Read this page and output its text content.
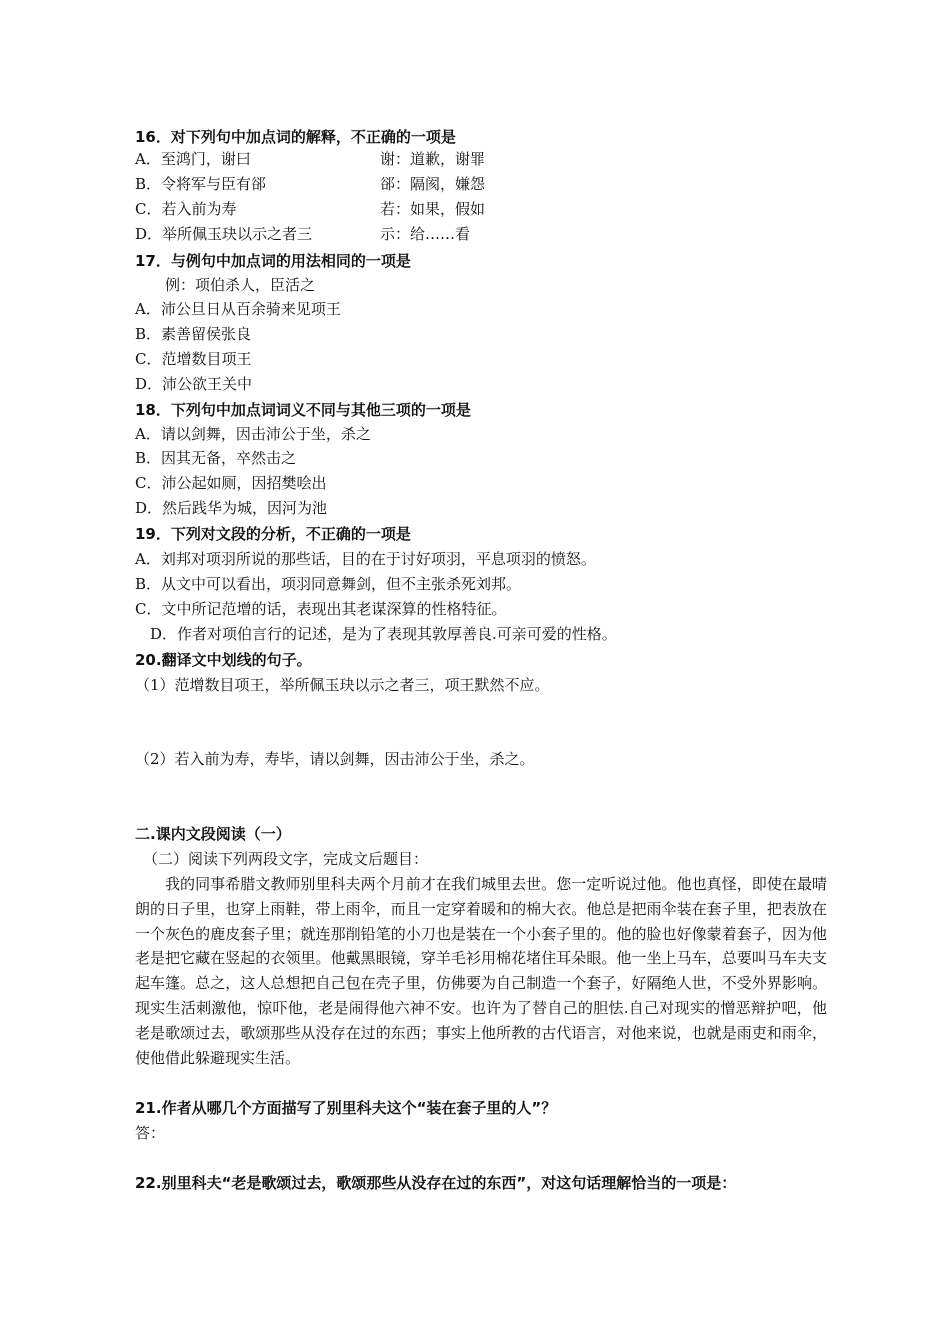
16．对下列句中加点词的解释，不正确的一项是
A．至鸿门，谢曰	谢：道歉，谢罪
B．令将军与臣有郤	郤：隔阂，嫌怨
C．若入前为寿	若：如果，假如
D．举所佩玉玦以示之者三	示：给……看
17．与例句中加点词的用法相同的一项是
例：项伯杀人，臣活之
A．沛公旦日从百余骑来见项王
B．素善留侯张良
C．范增数目项王
D．沛公欲王关中
18．下列句中加点词词义不同与其他三项的一项是
A．请以剑舞，因击沛公于坐，杀之
B．因其无备，卒然击之
C．沛公起如厕，因招樊哙出
D．然后践华为城，因河为池
19．下列对文段的分析，不正确的一项是
A．刘邦对项羽所说的那些话，目的在于讨好项羽，平息项羽的愤怒。
B．从文中可以看出，项羽同意舞剑，但不主张杀死刘邦。
C．文中所记范增的话，表现出其老谋深算的性格特征。
D．作者对项伯言行的记述，是为了表现其敦厚善良.可亲可爱的性格。
20.翻译文中划线的句子。
（1）范增数目项王，举所佩玉玦以示之者三，项王默然不应。
（2）若入前为寿，寿毕，请以剑舞，因击沛公于坐，杀之。
二.课内文段阅读（一）
（二）阅读下列两段文字，完成文后题目：
我的同事希腊文教师别里科夫两个月前才在我们城里去世。您一定听说过他。他也真怪，即使在最晴朗的日子里，也穿上雨鞋，带上雨伞，而且一定穿着暖和的棉大衣。他总是把雨伞装在套子里，把表放在一个灰色的鹿皮套子里；就连那削铅笔的小刀也是装在一个小套子里的。他的脸也好像蒙着套子，因为他老是把它藏在竖起的衣领里。他戴黑眼镜，穿羊毛衫用棉花堵住耳朵眼。他一坐上马车，总要叫马车夫支起车篷。总之，这人总想把自己包在壳子里，仿佛要为自己制造一个套子，好隔绝人世，不受外界影响。现实生活刺激他，惊吓他，老是闹得他六神不安。也许为了替自己的胆怯.自己对现实的憎恶辩护吧，他老是歌颂过去，歌颂那些从没存在过的东西；事实上他所教的古代语言，对他来说，也就是雨吏和雨伞，使他借此躲避现实生活。
21.作者从哪几个方面描写了别里科夫这个“装在套子里的人”？
答：
22.别里科夫“老是歌颂过去，歌颂那些从没存在过的东西”，对这句话理解恰当的一项是：
